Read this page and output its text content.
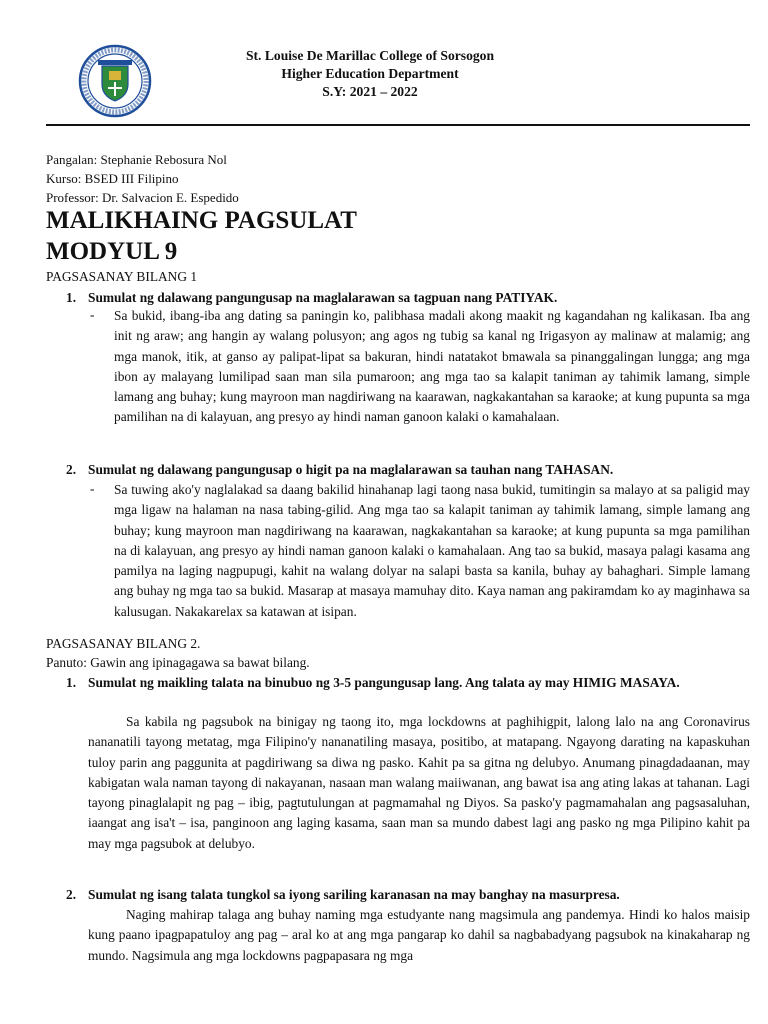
St. Louise De Marillac College of Sorsogon
Higher Education Department
S.Y: 2021 – 2022
Pangalan: Stephanie Rebosura Nol
Kurso: BSED III Filipino
Professor: Dr. Salvacion E. Espedido
MALIKHAING PAGSULAT
MODYUL 9
PAGSASANAY BILANG 1
1. Sumulat ng dalawang pangungusap na maglalarawan sa tagpuan nang PATIYAK.
- Sa bukid, ibang-iba ang dating sa paningin ko, palibhasa madali akong maakit ng kagandahan ng kalikasan. Iba ang init ng araw; ang hangin ay walang polusyon; ang agos ng tubig sa kanal ng Irigasyon ay malinaw at malamig; ang mga manok, itik, at ganso ay palipat-lipat sa bakuran, hindi natatakot bmawala sa pinanggalingan lungga; ang mga ibon ay malayang lumilipad saan man sila pumaroon; ang mga tao sa kalapit taniman ay tahimik lamang, simple lamang ang buhay; kung mayroon man nagdiriwang na kaarawan, nagkakantahan sa karaoke; at kung pupunta sa mga pamilihan na di kalayuan, ang presyo ay hindi naman ganoon kalaki o kamahalaan.
2. Sumulat ng dalawang pangungusap o higit pa na maglalarawan sa tauhan nang TAHASAN.
- Sa tuwing ako'y naglalakad sa daang bakilid hinahanap lagi taong nasa bukid, tumitingin sa malayo at sa paligid may mga ligaw na halaman na nasa tabing-gilid. Ang mga tao sa kalapit taniman ay tahimik lamang, simple lamang ang buhay; kung mayroon man nagdiriwang na kaarawan, nagkakantahan sa karaoke; at kung pupunta sa mga pamilihan na di kalayuan, ang presyo ay hindi naman ganoon kalaki o kamahalaan. Ang tao sa bukid, masaya palagi kasama ang pamilya na laging nagpupugi, kahit na walang dolyar na salapi basta sa kanila, buhay ay bahaghari. Simple lamang ang buhay ng mga tao sa bukid. Masarap at masaya mamuhay dito. Kaya naman ang pakiramdam ko ay maginhawa sa kalusugan. Nakakarelax sa katawan at isipan.
PAGSASANAY BILANG 2.
Panuto: Gawin ang ipinagagawa sa bawat bilang.
1. Sumulat ng maikling talata na binubuo ng 3-5 pangungusap lang. Ang talata ay may HIMIG MASAYA.
Sa kabila ng pagsubok na binigay ng taong ito, mga lockdowns at paghihigpit, lalong lalo na ang Coronavirus nananatili tayong metatag, mga Filipino'y nananatiling masaya, positibo, at matapang. Ngayong darating na kapaskuhan tuloy parin ang paggunita at pagdiriwang sa diwa ng pasko. Kahit pa sa gitna ng delubyo. Anumang pinagdadaanan, may kabigatan wala naman tayong di nakayanan, nasaan man walang maiiwanan, ang bawat isa ang ating lakas at tahanan. Lagi tayong pinaglalapit ng pag – ibig, pagtutulungan at pagmamahal ng Diyos. Sa pasko'y pagmamahalan ang pagsasaluhan, iaangat ang isa't – isa, panginoon ang laging kasama, saan man sa mundo dabest lagi ang pasko ng mga Pilipino kahit pa may mga pagsubok at delubyo.
2. Sumulat ng isang talata tungkol sa iyong sariling karanasan na may banghay na masurpresa.
Naging mahirap talaga ang buhay naming mga estudyante nang magsimula ang pandemya. Hindi ko halos maisip kung paano ipagpapatuloy ang pag – aral ko at ang mga pangarap ko dahil sa nagbabadyang pagsubok na kinakaharap ng mundo. Nagsimula ang mga lockdowns pagpapasara ng mga
